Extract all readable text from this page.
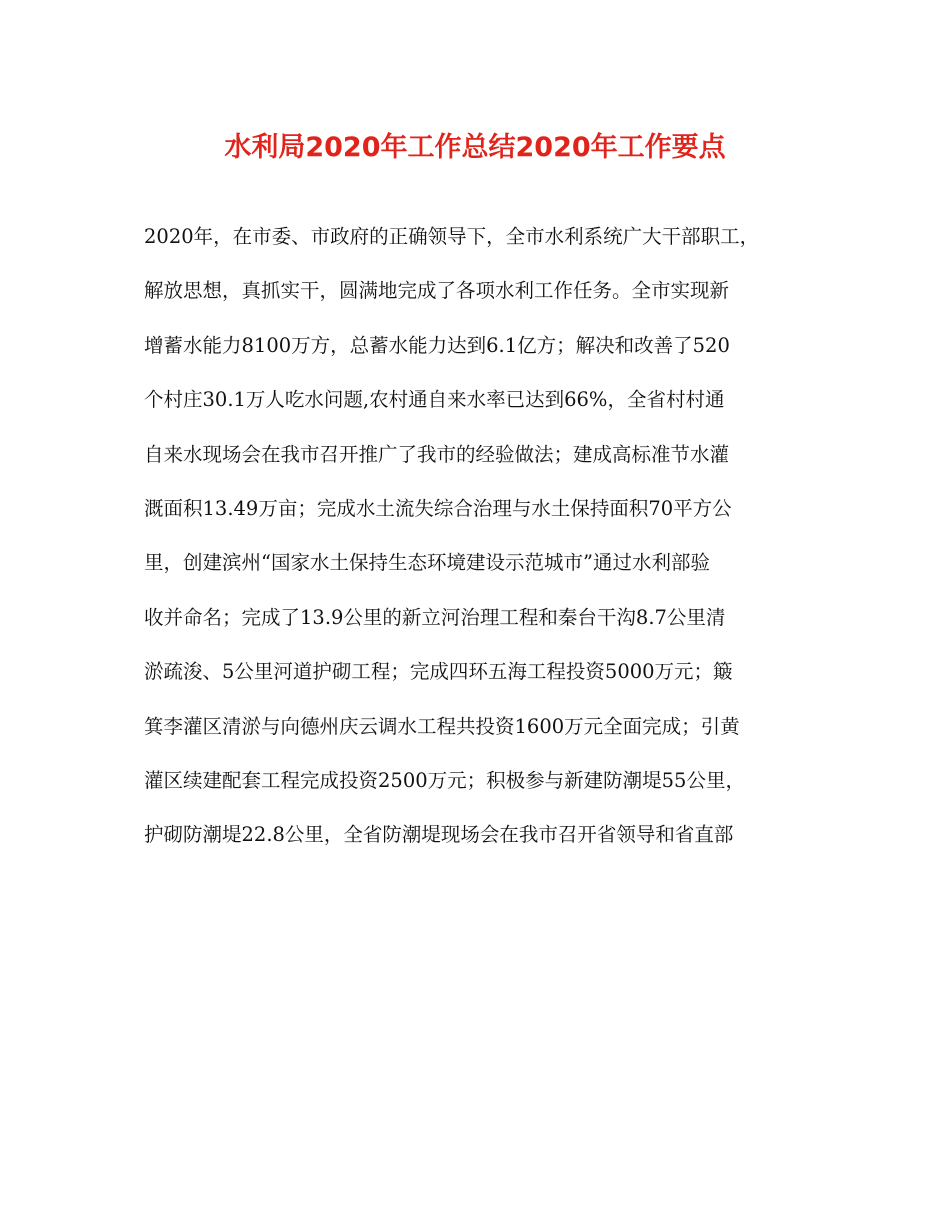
水利局2020年工作总结2020年工作要点
2020年，在市委、市政府的正确领导下，全市水利系统广大干部职工，
解放思想，真抓实干，圆满地完成了各项水利工作任务。全市实现新
增蓄水能力8100万方，总蓄水能力达到6.1亿方；解决和改善了520
个村庄30.1万人吃水问题,农村通自来水率已达到66%，全省村村通
自来水现场会在我市召开推广了我市的经验做法；建成高标准节水灌
溉面积13.49万亩；完成水土流失综合治理与水土保持面积70平方公
里，创建滨州“国家水土保持生态环境建设示范城市”通过水利部验
收并命名；完成了13.9公里的新立河治理工程和秦台干沟8.7公里清
淤疏浚、5公里河道护砌工程；完成四环五海工程投资5000万元；簸
箕李灌区清淤与向德州庆云调水工程共投资1600万元全面完成；引黄
灌区续建配套工程完成投资2500万元；积极参与新建防潮堤55公里，
护砌防潮堤22.8公里，全省防潮堤现场会在我市召开省领导和省直部
